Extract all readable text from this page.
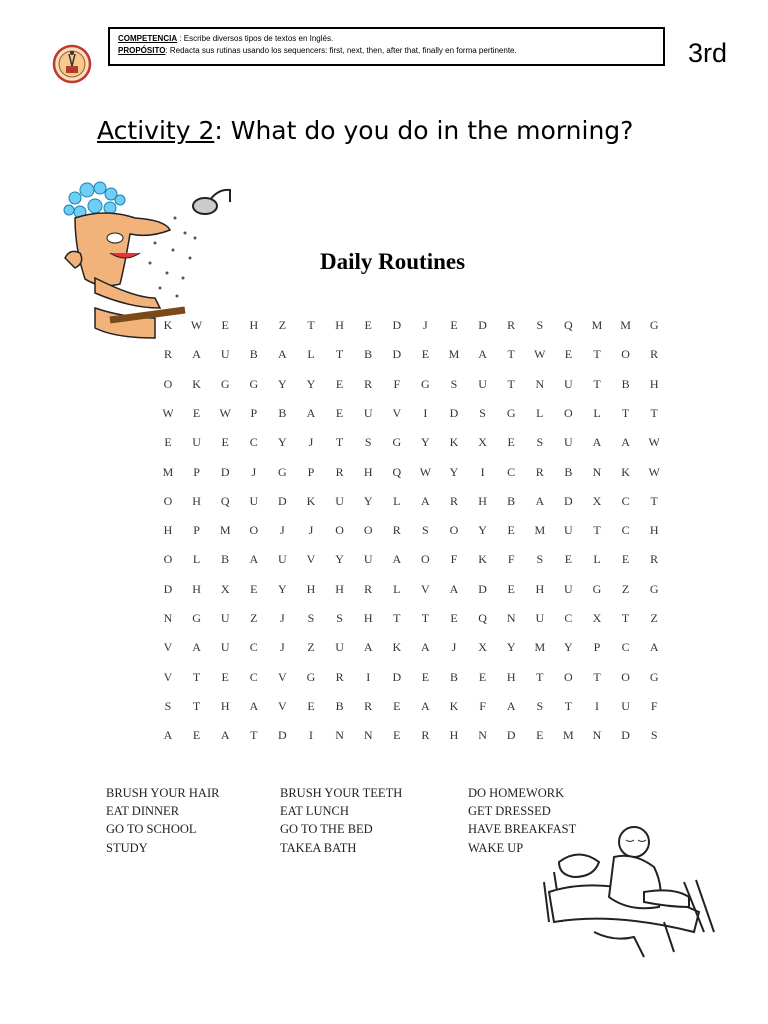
COMPETENCIA : Escribe diversos tipos de textos en Inglés.
PROPÓSITO: Redacta sus rutinas usando los sequencers: first, next, then, after that, finally en forma pertinente.	3rd
Activity 2: What do you do in the morning?
Daily Routines
K	W	E	H	Z	T	H	E	D	J	E	D	R	S	Q	M	M	G
R	A	U	B	A	L	T	B	D	E	M	A	T	W	E	T	O	R
O	K	G	G	Y	Y	E	R	F	G	S	U	T	N	U	T	B	H
W	E	W	P	B	A	E	U	V	I	D	S	G	L	O	L	T	T
E	U	E	C	Y	J	T	S	G	Y	K	X	E	S	U	A	A	W
M	P	D	J	G	P	R	H	Q	W	Y	I	C	R	B	N	K	W
O	H	Q	U	D	K	U	Y	L	A	R	H	B	A	D	X	C	T
H	P	M	O	J	J	O	O	R	S	O	Y	E	M	U	T	C	H
O	L	B	A	U	V	Y	U	A	O	F	K	F	S	E	L	E	R
D	H	X	E	Y	H	H	R	L	V	A	D	E	H	U	G	Z	G
N	G	U	Z	J	S	S	H	T	T	E	Q	N	U	C	X	T	Z
V	A	U	C	J	Z	U	A	K	A	J	X	Y	M	Y	P	C	A
V	T	E	C	V	G	R	I	D	E	B	E	H	T	O	T	O	G
S	T	H	A	V	E	B	R	E	A	K	F	A	S	T	I	U	F
A	E	A	T	D	I	N	N	E	R	H	N	D	E	M	N	D	S
BRUSH YOUR HAIR
EAT DINNER
GO TO SCHOOL
STUDY
BRUSH YOUR TEETH
EAT LUNCH
GO TO THE BED
TAKEA BATH
DO HOMEWORK
GET DRESSED
HAVE BREAKFAST
WAKE UP
